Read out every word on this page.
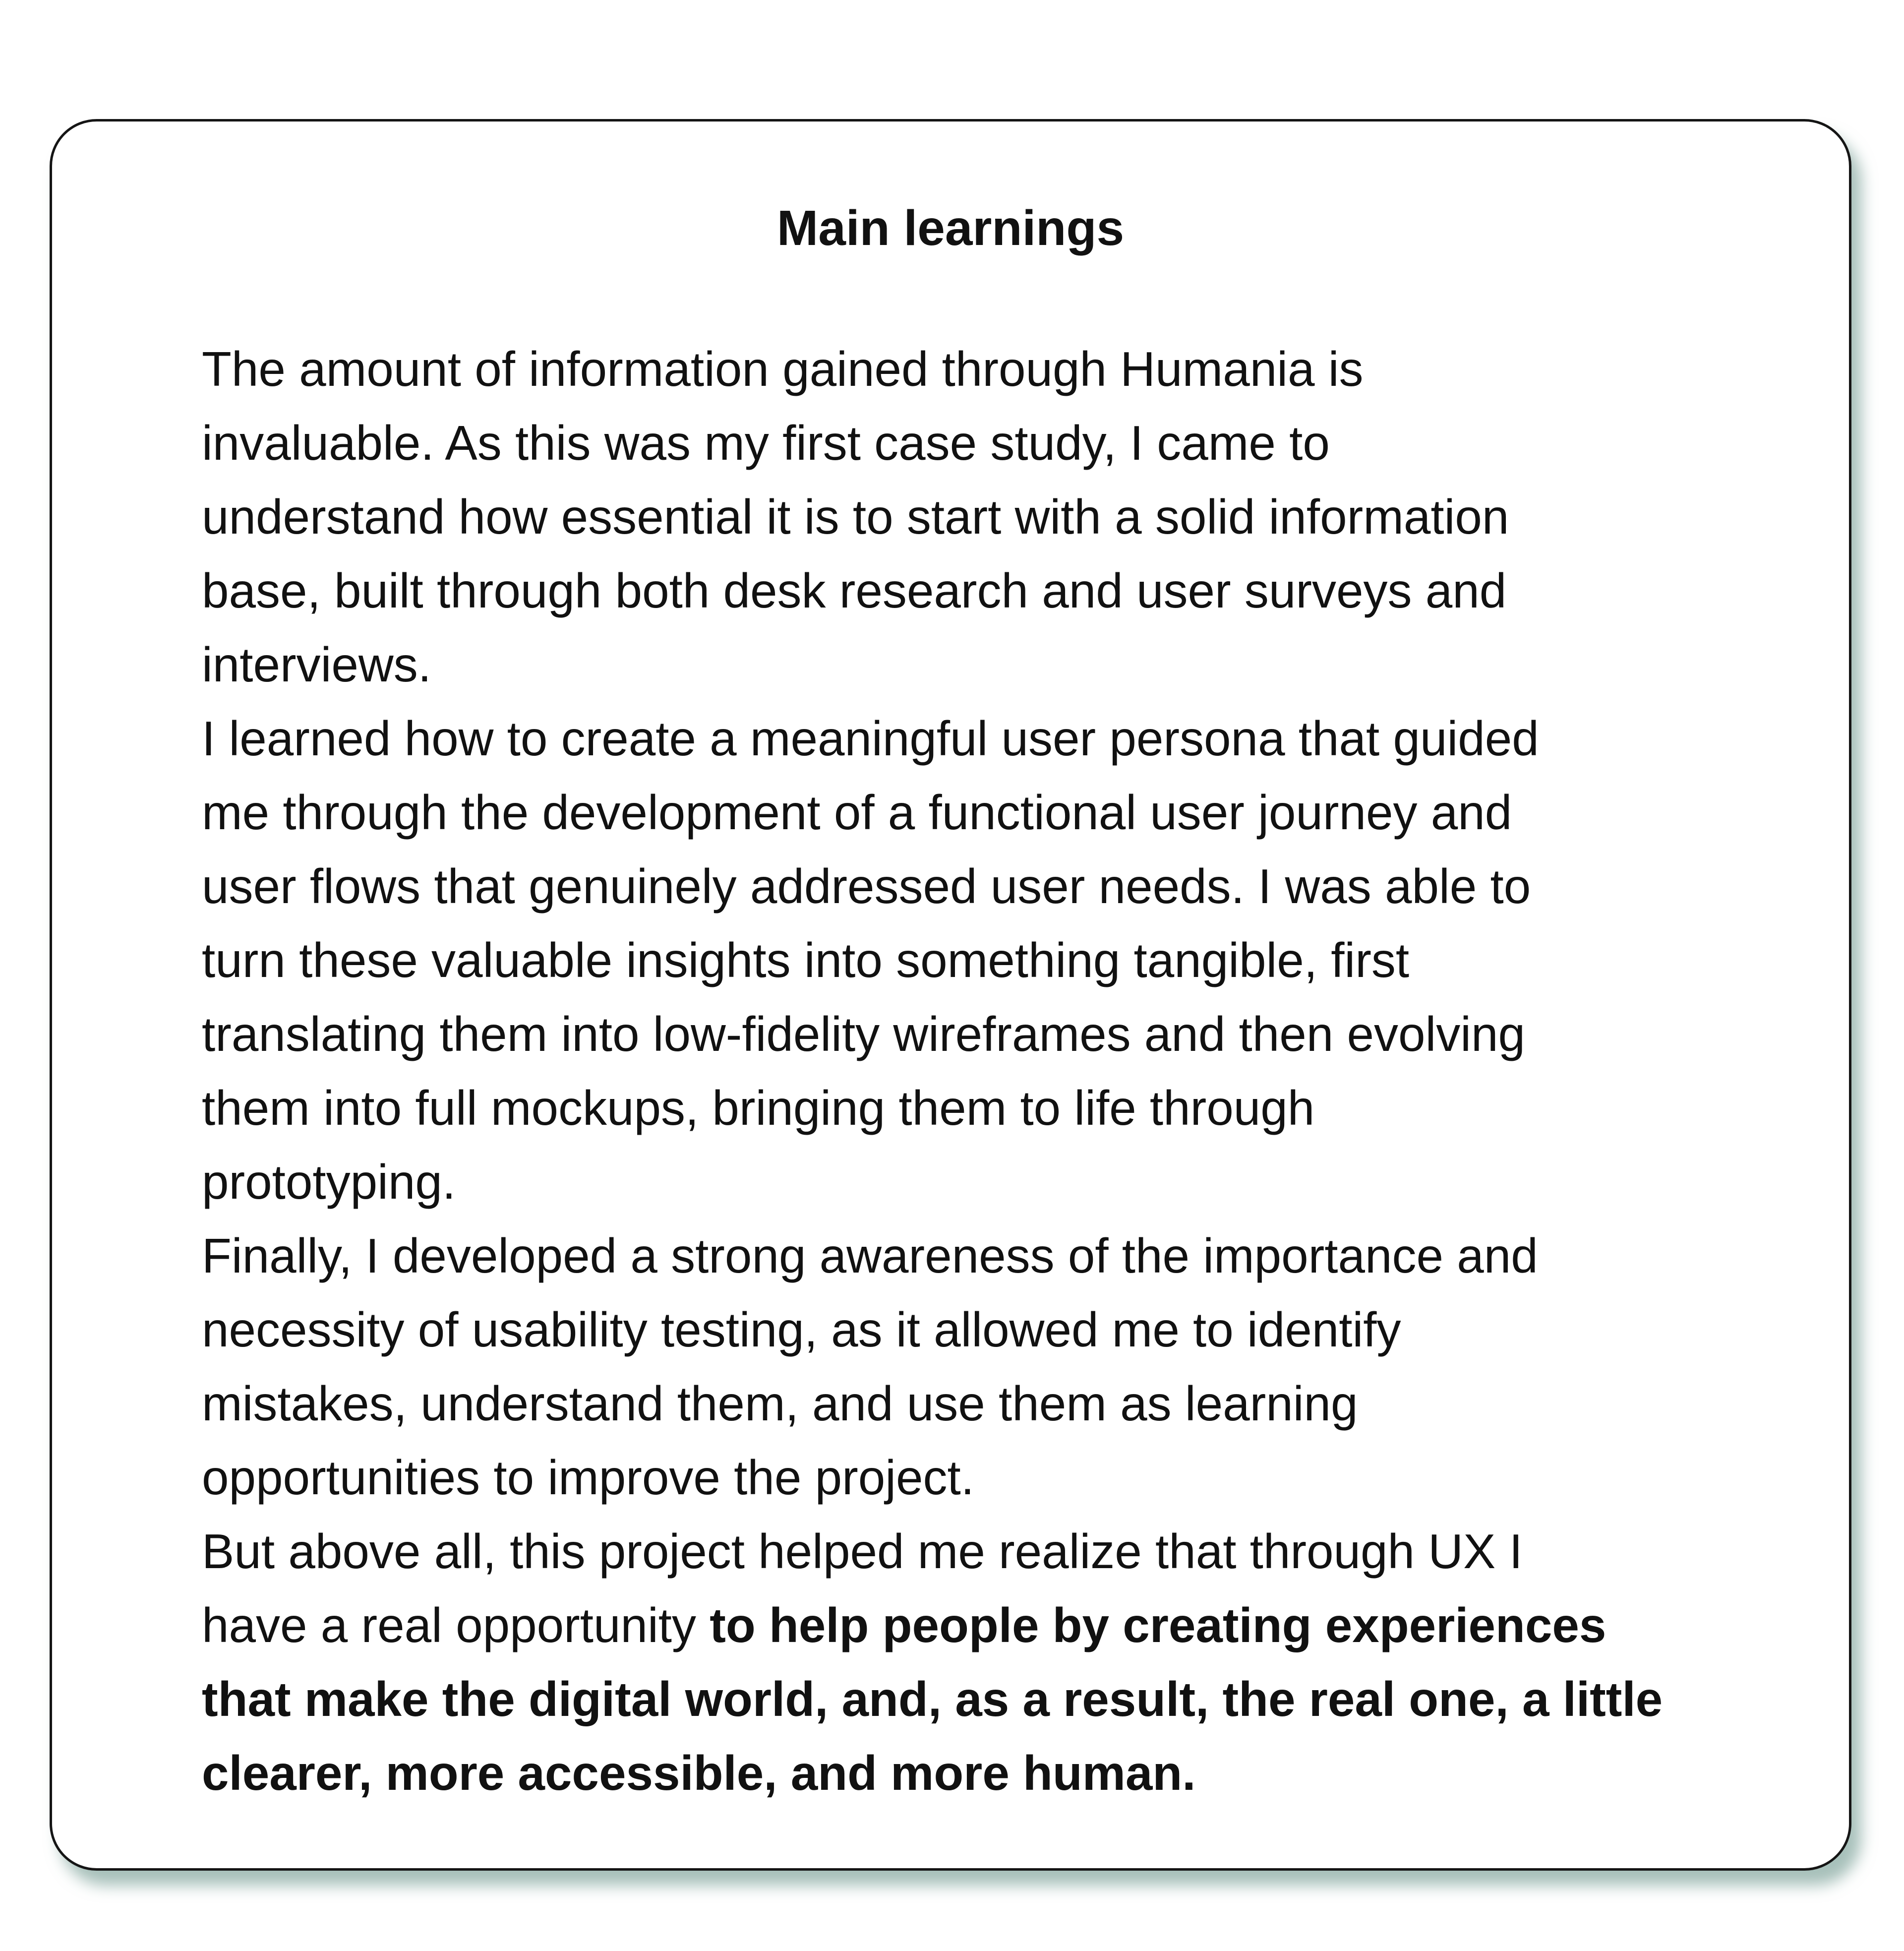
Main learnings
The amount of information gained through Humania is
invaluable. As this was my first case study, I came to
understand how essential it is to start with a solid information
base, built through both desk research and user surveys and
interviews.
I learned how to create a meaningful user persona that guided
me through the development of a functional user journey and
user flows that genuinely addressed user needs. I was able to
turn these valuable insights into something tangible, first
translating them into low-fidelity wireframes and then evolving
them into full mockups, bringing them to life through
prototyping.
Finally, I developed a strong awareness of the importance and
necessity of usability testing, as it allowed me to identify
mistakes, understand them, and use them as learning
opportunities to improve the project.
But above all, this project helped me realize that through UX I
have a real opportunity to help people by creating experiences
that make the digital world, and, as a result, the real one, a little
clearer, more accessible, and more human.
